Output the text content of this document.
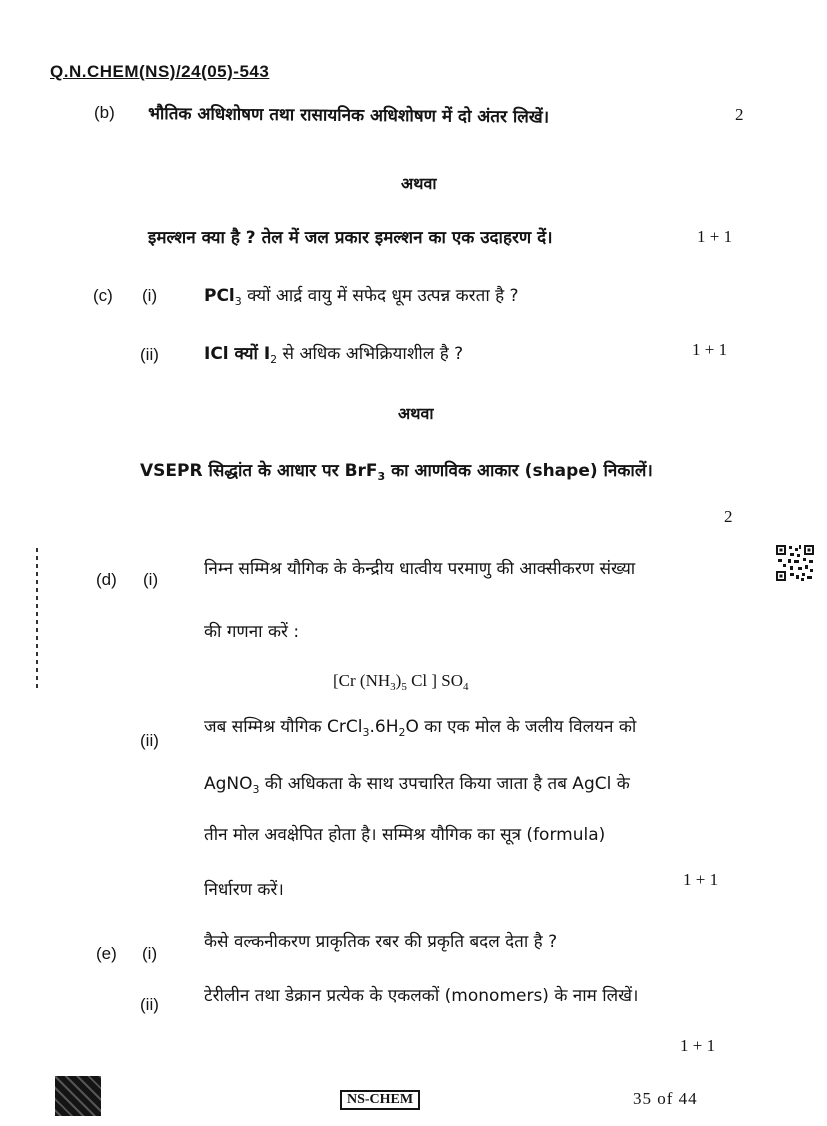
Q.N.CHEM(NS)/24(05)-543
(b) भौतिक अधिशोषण तथा रासायनिक अधिशोषण में दो अंतर लिखें।	2
अथवा
इमल्शन क्या है ? तेल में जल प्रकार इमल्शन का एक उदाहरण दें।	1 + 1
(c) (i)	PCl$_3$ क्यों आर्द्र वायु में सफेद धूम उत्पन्न करता है ?
(ii)	ICl क्यों $I_2$ से अधिक अभिक्रियाशील है ?	1 + 1
अथवा
VSEPR सिद्धांत के आधार पर BrF$_3$ का आणविक आकार (shape) निकालें।
2
(d) (i)
निम्न सम्मिश्र यौगिक के केन्द्रीय धात्वीय परमाणु की आक्सीकरण संख्या
की गणना करें :
[Cr $(NH_3)_5$ Cl ] $SO_4$
(ii)
जब सम्मिश्र यौगिक $CrCl_3.6H_2O$ का एक मोल के जलीय विलयन को
AgNO$_3$ की अधिकता के साथ उपचारित किया जाता है तब AgCl के
तीन मोल अवक्षेपित होता है। सम्मिश्र यौगिक का सूत्र (formula)
निर्धारण करें।
1 + 1
(e) (i)
कैसे वल्कनीकरण प्राकृतिक रबर की प्रकृति बदल देता है ?
(ii)	टेरीलीन तथा डेक्रान प्रत्येक के एकलकों (monomers) के नाम लिखें।
1 + 1
NS-CHEM	35 of 44
